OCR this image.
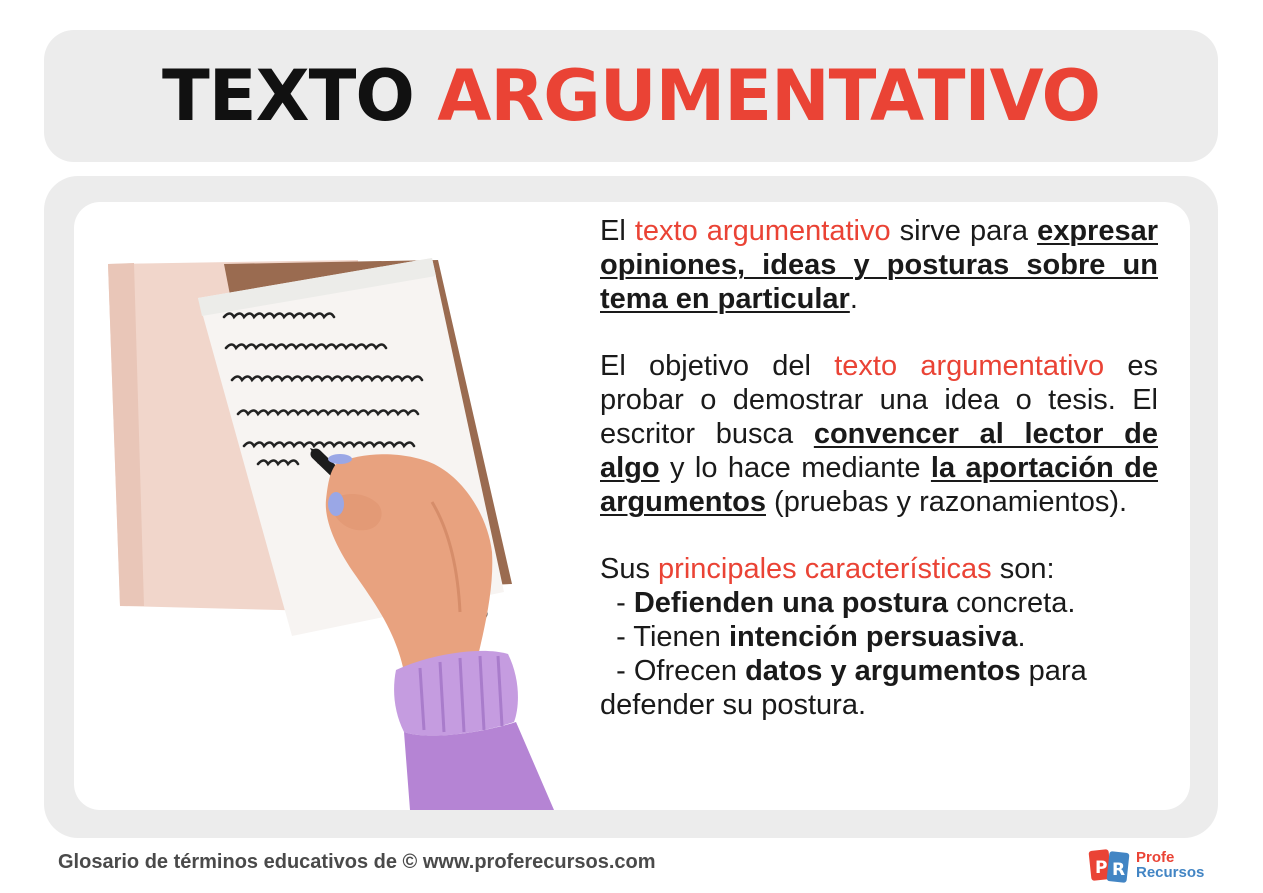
TEXTO ARGUMENTATIVO

El texto argumentativo sirve para expresar opiniones, ideas y posturas sobre un tema en particular.

El objetivo del texto argumentativo es probar o demostrar una idea o tesis. El escritor busca convencer al lector de algo y lo hace mediante la aportación de argumentos (pruebas y razonamientos).

Sus principales características son:

- Defienden una postura concreta.
- Tienen intención persuasiva.
- Ofrecen datos y argumentos para defender su postura.
Glosario de términos educativos de © www.proferecursos.com	P R
Profe
Recursos
